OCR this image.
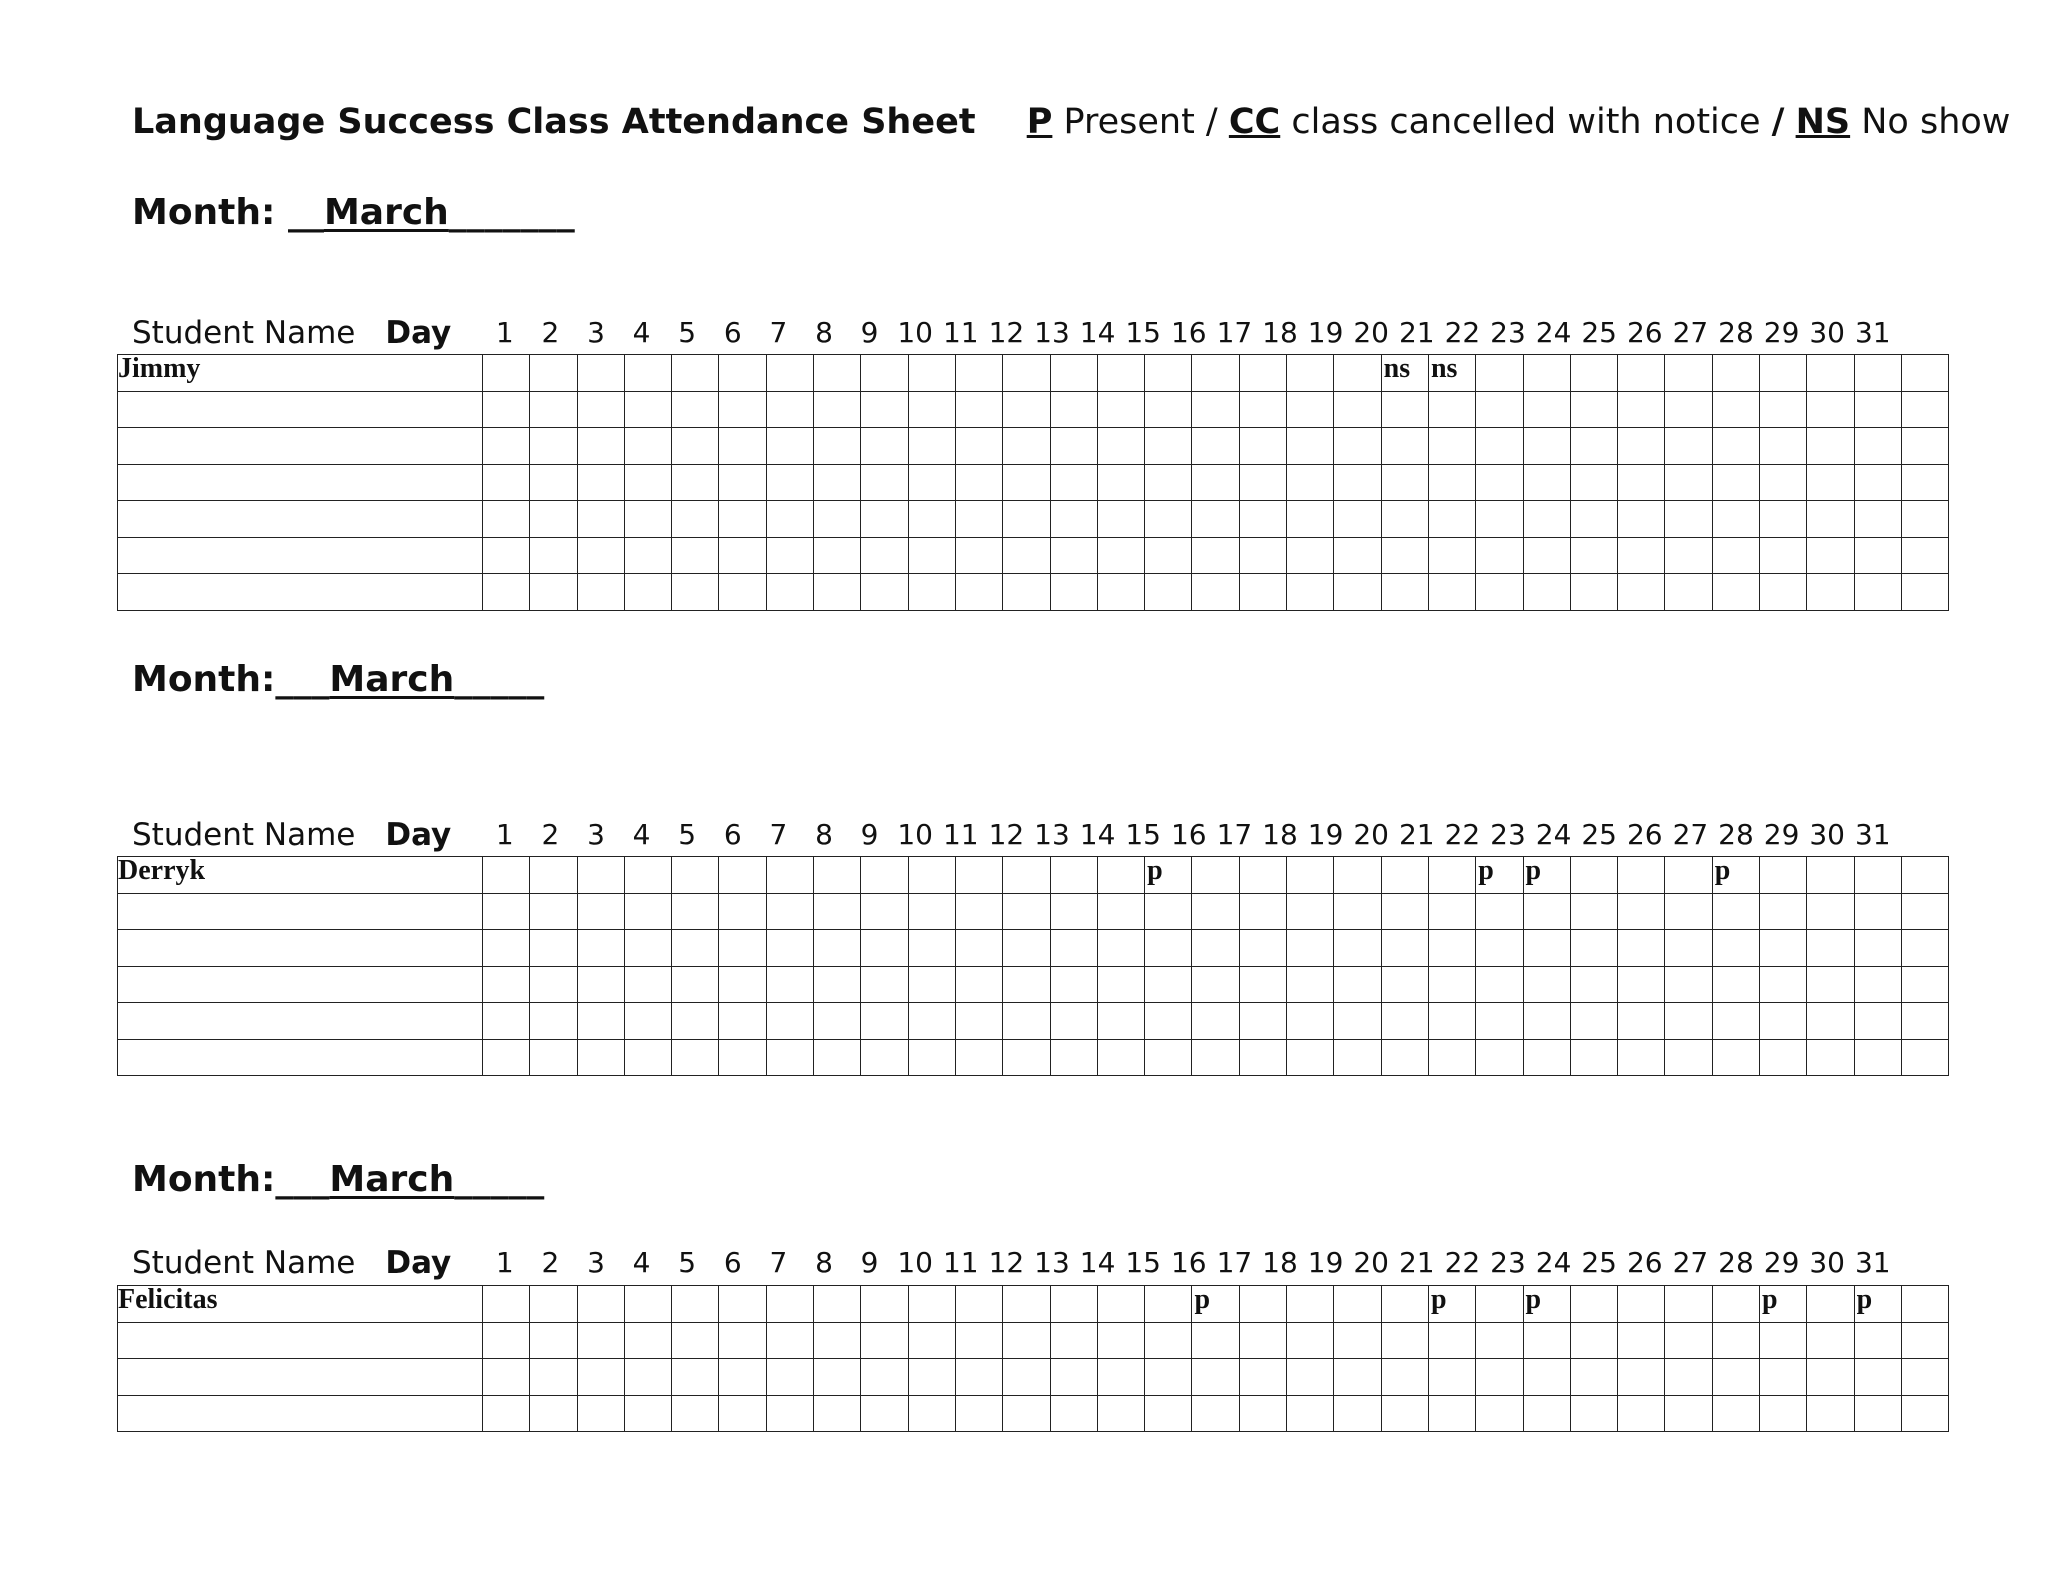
Language Success Class Attendance Sheet P Present / CC class cancelled with notice / NS No show
Month: __March_______
Student Name Day 1 2 3 4 5 6 7 8 9 10 11 12 13 14 15 16 17 18 19 20 21 22 23 24 25 26 27 28 29 30 31
Jimmy																				ns	ns										

Month:___March_____
Student Name Day 1 2 3 4 5 6 7 8 9 10 11 12 13 14 15 16 17 18 19 20 21 22 23 24 25 26 27 28 29 30 31
Derryk															p							p	p				p				

Month:___March_____
Student Name Day 1 2 3 4 5 6 7 8 9 10 11 12 13 14 15 16 17 18 19 20 21 22 23 24 25 26 27 28 29 30 31
Felicitas																p					p		p					p		p	
